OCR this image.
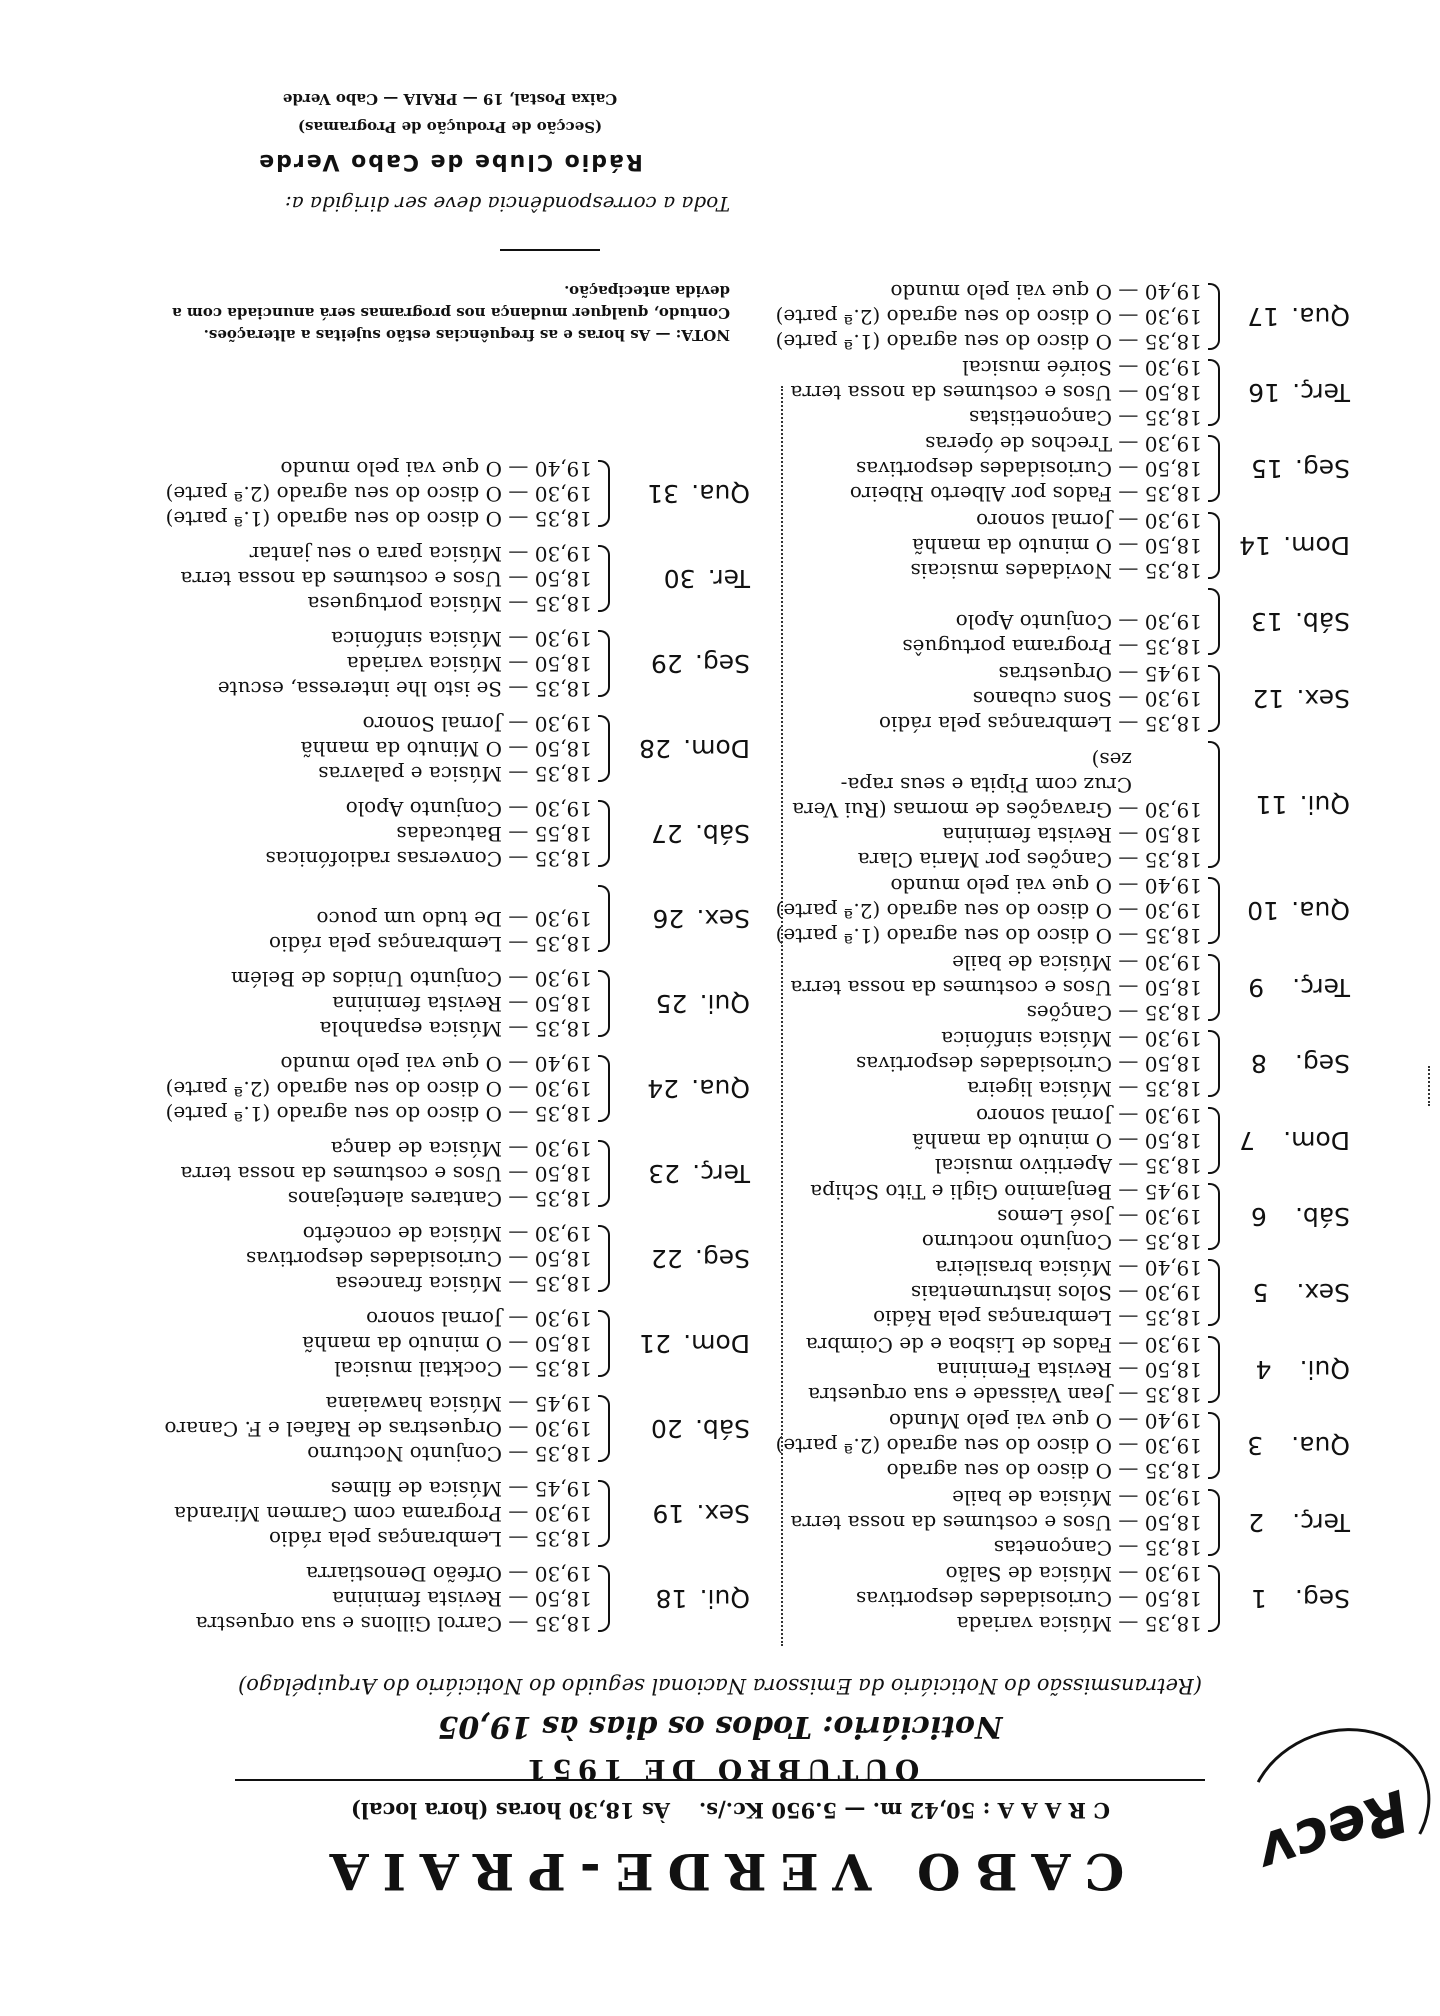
Recv
CABO VERDE-PRAIA
C R A A A : 50,42 m. — 5.950 Kc./s.
Às 18,30 horas (hora local)
OUTUBRO DE 1951
Noticiário: Todos os dias às 19,05
(Retransmissão do Noticiário da Emissora Nacional seguido do Noticiário do Arquipélago)
Seg.
1
18,35 — Música variada
18,50 — Curiosidades desportivas
19,30 — Música de Salão
Terç.
2
18,35 — Cançonetas
18,50 — Usos e costumes da nossa terra
19,30 — Música de baile
Qua.
3
18,35 — O disco do seu agrado
19,30 — O disco do seu agrado (2.ª parte)
19,40 — O que vai pelo Mundo
Qui.
4
18,35 — Jean Vaissade e sua orquestra
18,50 — Revista Feminina
19,30 — Fados de Lisboa e de Coimbra
Sex.
5
18,35 — Lembranças pela Rádio
19,30 — Solos instrumentais
19,40 — Música brasileira
Sáb.
6
18,35 — Conjunto nocturno
19,30 — José Lemos
19,45 — Benjamino Gigli e Tito Schipa
Dom.
7
18,35 — Aperitivo musical
18,50 — O minuto da manhã
19,30 — Jornal sonoro
Seg.
8
18,35 — Música ligeira
18,50 — Curiosidades desportivas
19,30 — Música sinfónica
Terç.
9
18,35 — Canções
18,50 — Usos e costumes da nossa terra
19,30 — Música de baile
Qua.
10
18,35 — O disco do seu agrado (1.ª parte)
19,30 — O disco do seu agrado (2.ª parte)
19,40 — O que vai pelo mundo
Qui.
11
18,35 — Canções por Maria Clara
18,50 — Revista feminina
19,30 — Gravações de mornas (Rui Vera
Cruz com Pipita e seus rapa-
zes)
Sex.
12
18,35 — Lembranças pela rádio
19,30 — Sons cubanos
19,45 — Orquestras
Sáb.
13
18,35 — Programa português
19,30 — Conjunto Apolo
Dom.
14
18,35 — Novidades musicais
18,50 — O minuto da manhã
19,30 — Jornal sonoro
Seg.
15
18,35 — Fados por Alberto Ribeiro
18,50 — Curiosidades desportivas
19,30 — Trechos de óperas
Terç.
16
18,35 — Cançonetistas
18,50 — Usos e costumes da nossa terra
19,30 — Soirée musical
Qua.
17
18,35 — O disco do seu agrado (1.ª parte)
19,30 — O disco do seu agrado (2.ª parte)
19,40 — O que vai pelo mundo
Qui.
18
18,35 — Carrol Gillons e sua orquestra
18,50 — Revista feminina
19,30 — Orfeão Denostiarra
Sex.
19
18,35 — Lembranças pela rádio
19,30 — Programa com Carmen Miranda
19,45 — Música de filmes
Sáb.
20
18,35 — Conjunto Nocturno
19,30 — Orquestras de Rafael e F. Canaro
19,45 — Música hawaiana
Dom.
21
18,35 — Cocktail musical
18,50 — O minuto da manhã
19,30 — Jornal sonoro
Seg.
22
18,35 — Música francesa
18,50 — Curiosidades desportivas
19,30 — Música de concêrto
Terç.
23
18,35 — Cantares alentejanos
18,50 — Usos e costumes da nossa terra
19,30 — Música de dança
Qua.
24
18,35 — O disco do seu agrado (1.ª parte)
19,30 — O disco do seu agrado (2.ª parte)
19,40 — O que vai pelo mundo
Qui.
25
18,35 — Música espanhola
18,50 — Revista feminina
19,30 — Conjunto Unidos de Belém
Sex.
26
18,35 — Lembranças pela rádio
19,30 — De tudo um pouco
Sáb.
27
18,35 — Conversas radiofónicas
18,55 — Batucadas
19,30 — Conjunto Apolo
Dom.
28
18,35 — Música e palavras
18,50 — O Minuto da manhã
19,30 — Jornal Sonoro
Seg.
29
18,35 — Se isto lhe interessa, escute
18,50 — Música variada
19,30 — Música sinfónica
Ter.
30
18,35 — Música portuguesa
18,50 — Usos e costumes da nossa terra
19,30 — Música para o seu jantar
Qua.
31
18,35 — O disco do seu agrado (1.ª parte)
19,30 — O disco do seu agrado (2.ª parte)
19,40 — O que vai pelo mundo
NOTA: — As horas e as frequências estão sujeitas a alterações. Contudo, qualquer mudança nos programas será anunciada com a devida antecipação.
Toda a correspondência deve ser dirigida a:
Rádio Clube de Cabo Verde
(Secção de Produção de Programas)
Caixa Postal, 19 — PRAIA — Cabo Verde
